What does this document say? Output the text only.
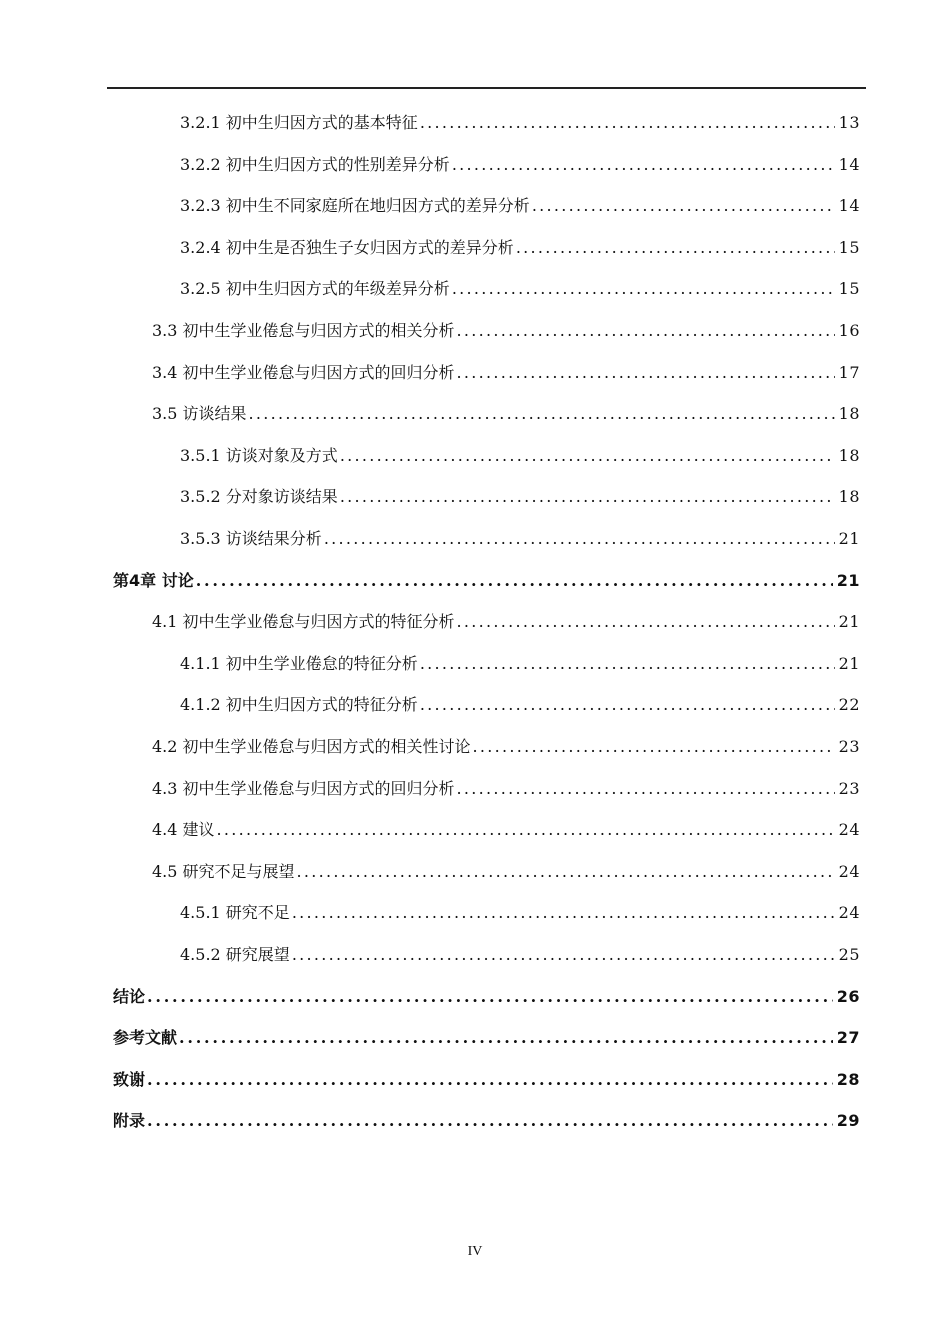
3.2.1 初中生归因方式的基本特征 . . .	13
3.2.2 初中生归因方式的性别差异分析 . . .	14
3.2.3 初中生不同家庭所在地归因方式的差异分析 . . .	14
3.2.4 初中生是否独生子女归因方式的差异分析 . . .	15
3.2.5 初中生归因方式的年级差异分析 . . .	15
3.3 初中生学业倦怠与归因方式的相关分析 . . .	16
3.4 初中生学业倦怠与归因方式的回归分析 . . .	17
3.5 访谈结果 . . .	18
3.5.1 访谈对象及方式 . . .	18
3.5.2 分对象访谈结果 . . .	18
3.5.3 访谈结果分析 . . .	21
第4章 讨论 . . .	21
4.1 初中生学业倦怠与归因方式的特征分析 . . .	21
4.1.1 初中生学业倦怠的特征分析 . . .	21
4.1.2 初中生归因方式的特征分析 . . .	22
4.2 初中生学业倦怠与归因方式的相关性讨论 . . .	23
4.3 初中生学业倦怠与归因方式的回归分析 . . .	23
4.4 建议 . . .	24
4.5 研究不足与展望 . . .	24
4.5.1 研究不足 . . .	24
4.5.2 研究展望 . . .	25
结论 . . .	26
参考文献 . . .	27
致谢 . . .	28
附录 . . .	29
IV
